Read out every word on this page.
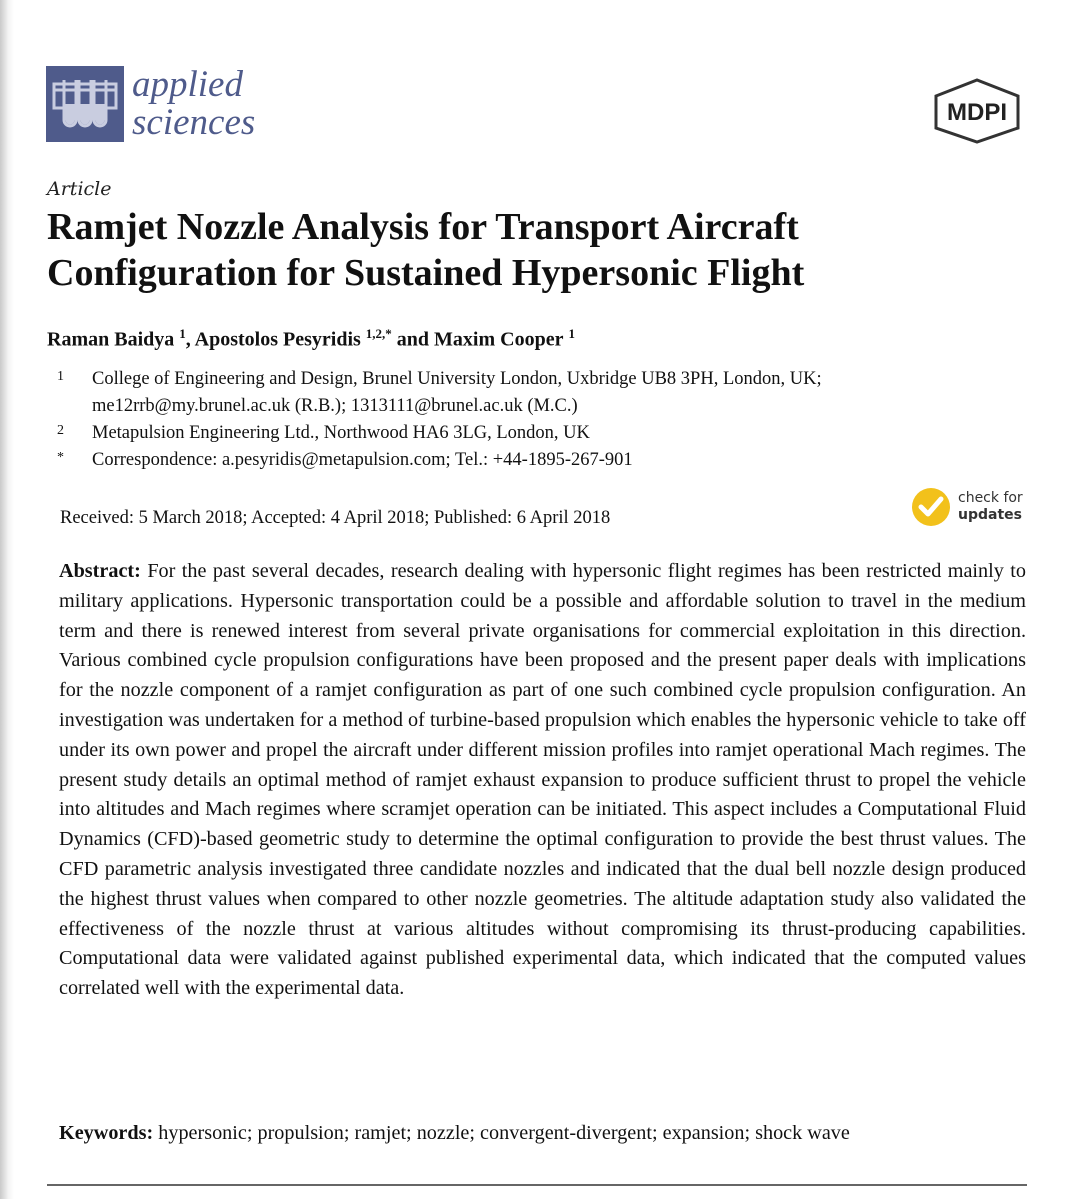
applied
sciences	MDPI
Article
Ramjet Nozzle Analysis for Transport Aircraft Configuration for Sustained Hypersonic Flight
Raman Baidya $^1$, Apostolos Pesyridis $^{1,2,*}$ and Maxim Cooper $^1$
1	College of Engineering and Design, Brunel University London, Uxbridge UB8 3PH, London, UK;
me12rrb@my.brunel.ac.uk (R.B.); 1313111@brunel.ac.uk (M.C.)
2	Metapulsion Engineering Ltd., Northwood HA6 3LG, London, UK
*	Correspondence: a.pesyridis@metapulsion.com; Tel.: +44-1895-267-901
Received: 5 March 2018; Accepted: 4 April 2018; Published: 6 April 2018
check for
updates

Abstract: For the past several decades, research dealing with hypersonic flight regimes has been restricted mainly to military applications. Hypersonic transportation could be a possible and affordable solution to travel in the medium term and there is renewed interest from several private organisations for commercial exploitation in this direction. Various combined cycle propulsion configurations have been proposed and the present paper deals with implications for the nozzle component of a ramjet configuration as part of one such combined cycle propulsion configuration. An investigation was undertaken for a method of turbine-based propulsion which enables the hypersonic vehicle to take off under its own power and propel the aircraft under different mission profiles into ramjet operational Mach regimes. The present study details an optimal method of ramjet exhaust expansion to produce sufficient thrust to propel the vehicle into altitudes and Mach regimes where scramjet operation can be initiated. This aspect includes a Computational Fluid Dynamics (CFD)-based geometric study to determine the optimal configuration to provide the best thrust values. The CFD parametric analysis investigated three candidate nozzles and indicated that the dual bell nozzle design produced the highest thrust values when compared to other nozzle geometries. The altitude adaptation study also validated the effectiveness of the nozzle thrust at various altitudes without compromising its thrust-producing capabilities. Computational data were validated against published experimental data, which indicated that the computed values correlated well with the experimental data.

Keywords: hypersonic; propulsion; ramjet; nozzle; convergent-divergent; expansion; shock wave
